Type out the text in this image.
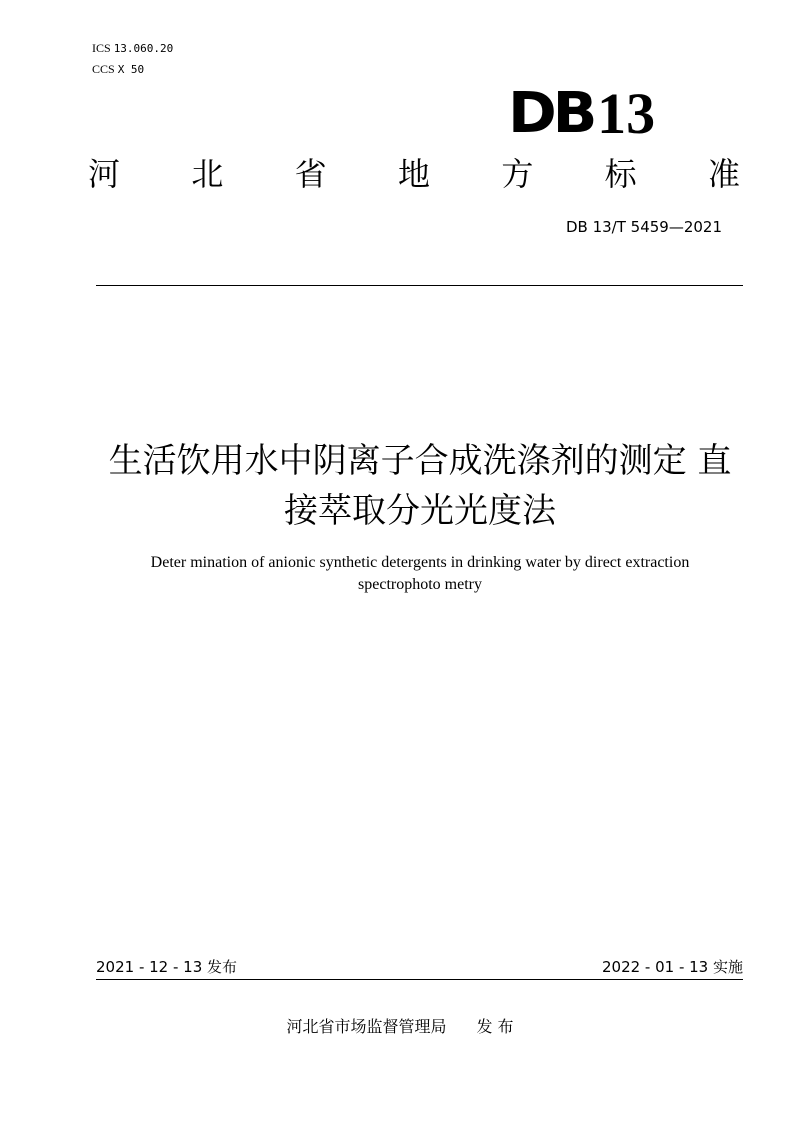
ICS 13.060.20
CCS X 50
DB 13
河 北 省 地 方 标 准
DB 13/T 5459—2021
生活饮用水中阴离子合成洗涤剂的测定 直
接萃取分光光度法
Deter mination of anionic synthetic detergents in drinking water by direct extraction
spectrophoto metry
2021 - 12 - 13 发布	2022 - 01 - 13 实施
河北省市场监督管理局 发 布
